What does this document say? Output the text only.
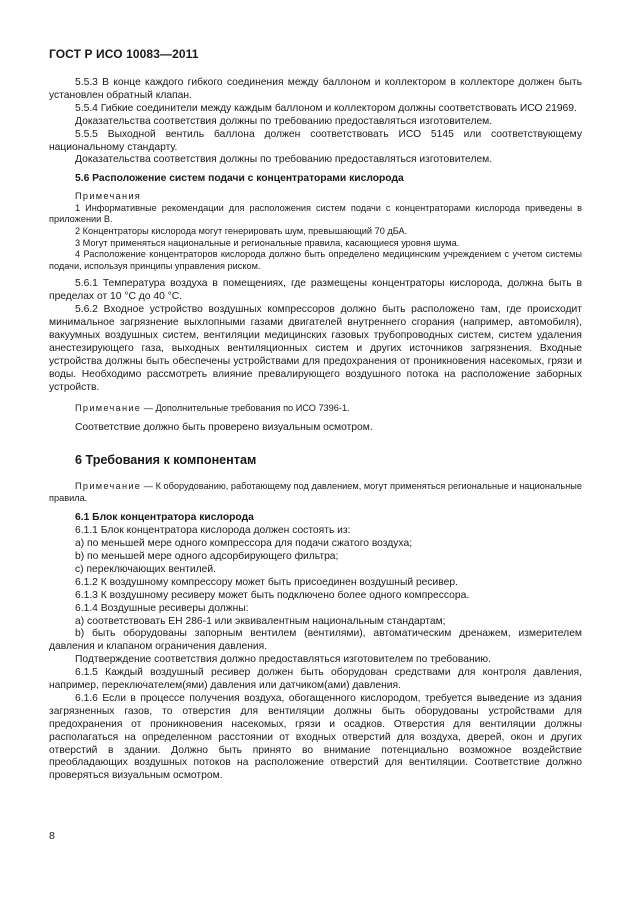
ГОСТ Р ИСО 10083—2011

5.5.3 В конце каждого гибкого соединения между баллоном и коллектором в коллекторе должен быть установлен обратный клапан.

5.5.4 Гибкие соединители между каждым баллоном и коллектором должны соответствовать ИСО 21969.

Доказательства соответствия должны по требованию предоставляться изготовителем.

5.5.5 Выходной вентиль баллона должен соответствовать ИСО 5145 или соответствующему национальному стандарту.

Доказательства соответствия должны по требованию предоставляться изготовителем.

5.6 Расположение систем подачи с концентраторами кислорода

Примечания

1 Информативные рекомендации для расположения систем подачи с концентраторами кислорода приведены в приложении В.

2 Концентраторы кислорода могут генерировать шум, превышающий 70 дБА.

3 Могут применяться национальные и региональные правила, касающиеся уровня шума.

4 Расположение концентраторов кислорода должно быть определено медицинским учреждением с учетом системы подачи, используя принципы управления риском.

5.6.1 Температура воздуха в помещениях, где размещены концентраторы кислорода, должна быть в пределах от 10 °С до 40 °С.

5.6.2 Входное устройство воздушных компрессоров должно быть расположено там, где происходит минимальное загрязнение выхлопными газами двигателей внутреннего сгорания (например, автомобиля), вакуумных воздушных систем, вентиляции медицинских газовых трубопроводных систем, систем удаления анестезирующего газа, выходных вентиляционных систем и других источников загрязнения. Входные устройства должны быть обеспечены устройствами для предохранения от проникновения насекомых, грязи и воды. Необходимо рассмотреть влияние превалирующего воздушного потока на расположение заборных устройств.

Примечание — Дополнительные требования по ИСО 7396-1.

Соответствие должно быть проверено визуальным осмотром.

6 Требования к компонентам

Примечание — К оборудованию, работающему под давлением, могут применяться региональные и национальные правила.

6.1 Блок концентратора кислорода

6.1.1 Блок концентратора кислорода должен состоять из:

а) по меньшей мере одного компрессора для подачи сжатого воздуха;

b) по меньшей мере одного адсорбирующего фильтра;

с) переключающих вентилей.

6.1.2 К воздушному компрессору может быть присоединен воздушный ресивер.

6.1.3 К воздушному ресиверу может быть подключено более одного компрессора.

6.1.4 Воздушные ресиверы должны:

а) соответствовать ЕН 286-1 или эквивалентным национальным стандартам;

b) быть оборудованы запорным вентилем (вентилями), автоматическим дренажем, измерителем давления и клапаном ограничения давления.

Подтверждение соответствия должно предоставляться изготовителем по требованию.

6.1.5 Каждый воздушный ресивер должен быть оборудован средствами для контроля давления, например, переключателем(ями) давления или датчиком(ами) давления.

6.1.6 Если в процессе получения воздуха, обогащенного кислородом, требуется выведение из здания загрязненных газов, то отверстия для вентиляции должны быть оборудованы устройствами для предохранения от проникновения насекомых, грязи и осадков. Отверстия для вентиляции должны располагаться на определенном расстоянии от входных отверстий для воздуха, дверей, окон и других отверстий в здании. Должно быть принято во внимание потенциально возможное воздействие преобладающих воздушных потоков на расположение отверстий для вентиляции. Соответствие должно проверяться визуальным осмотром.

8
